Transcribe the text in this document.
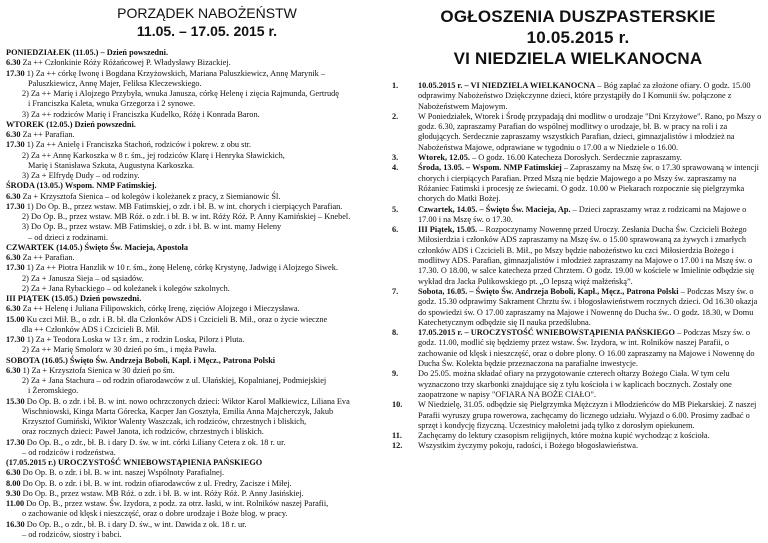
PORZĄDEK NABOŻEŃSTW
11.05. – 17.05. 2015 r.
PONIEDZIAŁEK (11.05.) – Dzień powszedni.
6.30 Za ++ Członkinie Róży Różańcowej P. Władysławy Bizackiej.
17.30 1) Za ++ córkę Iwonę i Bogdana Krzyżowskich, Mariana Paluszkiewicz, Annę Marynik –
Paluszkiewicz, Annę Majer, Feliksa Kleczewskiego.
2) Za ++ Marię i Alojzego Przybyła, wnuka Janusza, córkę Helenę i zięcia Rajmunda, Gertrudę
i Franciszka Kaleta, wnuka Grzegorza i 2 synowe.
3) Za ++ rodziców Marię i Franciszka Kudelko, Różę i Konrada Baron.
WTOREK (12.05.) Dzień powszedni.
6.30 Za ++ Parafian.
17.30 1) Za ++ Anielę i Franciszka Stachoń, rodziców i pokrew. z obu str.
2) Za ++ Annę Karkoszka w 8 r. śm., jej rodziców Klarę i Henryka Sławickich,
Marię i Stanisława Szkuta, Augustyna Karkoszka.
3) Za + Elfrydę Dudy – od rodziny.
ŚRODA (13.05.) Wspom. NMP Fatimskiej.
6.30 Za + Krzysztofa Sienica – od kolegów i koleżanek z pracy, z Siemianowic Śl.
17.30 1) Do Op. B., przez wstaw. MB Fatimskiej, o zdr. i bł. B. w int. chorych i cierpiących Parafian.
2) Do Op. B., przez wstaw. MB Róż. o zdr. i bł. B. w int. Róży Róż. P. Anny Kamińskiej – Knebel.
3) Do Op. B., przez wstaw. MB Fatimskiej, o zdr. i bł. B. w int. mamy Heleny
– od dzieci z rodzinami.
CZWARTEK (14.05.) Święto Św. Macieja, Apostoła
6.30 Za ++ Parafian.
17.30 1) Za ++ Piotra Hanzlik w 10 r. śm., żonę Helenę, córkę Krystynę, Jadwigę i Alojzego Siwek.
2) Za + Janusza Sieja – od sąsiadów.
2) Za + Jana Rybackiego – od koleżanek i kolegów szkolnych.
III PIĄTEK (15.05.) Dzień powszedni.
6.30 Za ++ Helenę i Juliana Filipowskich, córkę Irenę, zięciów Alojzego i Mieczysława.
15.00 Ku czci Mił. B., o zdr. i B. bł. dla Członków ADS i Czcicieli B. Mił., oraz o życie wieczne
dla ++ Członków ADS i Czcicieli B. Mił.
17.30 1) Za + Teodora Loska w 13 r. śm., z rodzin Loska, Pilorz i Pluta.
2) Za ++ Marię Smolorz w 30 dzień po śm., i męża Pawła.
SOBOTA (16.05.) Święto Św. Andrzeja Boboli, Kapł. i Męcz., Patrona Polski
6.30 1) Za + Krzysztofa Sienica w 30 dzień po śm.
2) Za + Jana Stachura – od rodzin ofiarodawców z ul. Ułańskiej, Kopalnianej, Podmiejskiej
i Żeromskiego.
15.30 Do Op. B. o zdr. i bł. B. w int. nowo ochrzczonych dzieci: Wiktor Karol Małkiewicz, Liliana Eva
Wischniowski, Kinga Marta Górecka, Kacper Jan Gosztyła, Emilia Anna Majcherczyk, Jakub
Krzysztof Gumiński, Wiktor Walenty Waszczak, ich rodziców, chrzestnych i bliskich,
oraz rocznych dzieci: Paweł Janota, ich rodziców, chrzestnych i bliskich.
17.30 Do Op. B., o zdr., bł. B. i dary D. św. w int. córki Liliany Cetera z ok. 18 r. ur.
– od rodziców i rodzeństwa.
(17.05.2015 r.) UROCZYSTOŚĆ WNIEBOWSTĄPIENIA PAŃSKIEGO
6.30 Do Op. B. o zdr. i bł. B. w int. naszej Wspólnoty Parafialnej.
8.00 Do Op. B. o zdr. i bł. B. w int. rodzin ofiarodawców z ul. Fredry, Zacisze i Miłej.
9.30 Do Op. B., przez wstaw. MB Róż. o zdr. i bł. B. w int. Róży Róż. P. Anny Jasińskiej.
11.00 Do Op. B., przez wstaw. Św. Izydora, z podz. za otrz. łaski, w int. Rolników naszej Parafii,
o zachowanie od klęsk i nieszczęść, oraz o dobre urodzaje i Boże blog. w pracy.
16.30 Do Op. B., o zdr., bł. B. i dary D. św., w int. Dawida z ok. 18 r. ur.
– od rodziców, siostry i babci.
OGŁOSZENIA DUSZPASTERSKIE
10.05.2015 r.
VI NIEDZIELA WIELKANOCNA
1.	10.05.2015 r. – VI NIEDZIELA WIELKANOCNA – Bóg zapłać za złożone ofiary. O godz. 15.00 odprawimy Nabożeństwo Dziękczynne dzieci, które przystąpiły do I Komunii św. połączone z Nabożeństwem Majowym.
2.	W Poniedziałek, Wtorek i Środę przypadają dni modlitw o urodzaje "Dni Krzyżowe". Rano, po Mszy o godz. 6.30, zapraszamy Parafian do wspólnej modlitwy o urodzaje, bł. B. w pracy na roli i za głodujących. Serdecznie zapraszamy wszystkich Parafian, dzieci, gimnazjalistów i młodzież na Nabożeństwa Majowe, odprawiane w tygodniu o 17.00 a w Niedziele o 16.00.
3.	Wtorek, 12.05. – O godz. 16.00 Katecheza Dorosłych. Serdecznie zapraszamy.
4.	Środa, 13.05. – Wspom. NMP Fatimskiej – Zapraszamy na Mszę św. o 17.30 sprawowaną w intencji chorych i cierpiących Parafian. Przed Mszą nie będzie Majowego a po Mszy św. zapraszamy na Różaniec Fatimski i procesję ze świecami. O godz. 10.00 w Piekarach rozpocznie się pielgrzymka chorych do Matki Bożej.
5.	Czwartek, 14.05. – Święto Św. Macieja, Ap. – Dzieci zapraszamy wraz z rodzicami na Majowe o 17.00 i na Mszę św. o 17.30.
6.	III Piątek, 15.05. – Rozpoczynamy Nowennę przed Uroczy. Zesłania Ducha Św. Czcicieli Bożego Miłosierdzia i członków ADS zapraszamy na Mszę św. o 15.00 sprawowaną za żywych i zmarłych członków ADS i Czcicieli B. Mił., po Mszy będzie nabożeństwo ku czci Miłosierdzia Bożego i modlitwy ADS. Parafian, gimnazjalistów i młodzież zapraszamy na Majowe o 17.00 i na Mszę św. o 17.30. O 18.00, w salce katecheza przed Chrztem. O godz. 19.00 w kościele w Imielinie odbędzie się wykład dra Jacka Pulikowskiego pt. „O lepszą więź małżeńską”.
7.	Sobota, 16.05. – Święto Św. Andrzeja Boboli, Kapł., Męcz., Patrona Polski – Podczas Mszy św. o godz. 15.30 odprawimy Sakrament Chrztu św. i błogosławieństwem rocznych dzieci. Od 16.30 okazja do spowiedzi św. O 17.00 zapraszamy na Majowe i Nowennę do Ducha św.. O godz. 18.30, w Domu Katechetycznym odbędzie się II nauka przedślubna.
8.	17.05.2015 r. – UROCZYSTOŚĆ WNIEBOWSTĄPIENIA PAŃSKIEGO – Podczas Mszy św. o godz. 11.00, modlić się będziemy przez wstaw. Św. Izydora, w int. Rolników naszej Parafii, o zachowanie od klęsk i nieszczęść, oraz o dobre plony. O 16.00 zapraszamy na Majowe i Nowennę do Ducha Św. Kolekta będzie przeznaczona na parafialne inwestycje.
9.	Do 25.05. można składać ofiary na przygotowanie czterech ołtarzy Bożego Ciała. W tym celu wyznaczono trzy skarbonki znajdujące się z tyłu kościoła i w kaplicach bocznych. Zostały one zaopatrzone w napisy "OFIARA NA BOŻE CIAŁO".
10.	W Niedzielę, 31.05. odbędzie się Pielgrzymka Mężczyzn i Młodzieńców do MB Piekarskiej. Z naszej Parafii wyruszy grupa rowerowa, zachęcamy do licznego udziału. Wyjazd o 6.00. Prosimy zadbać o sprzęt i kondycję fizyczną. Uczestnicy małoletni jadą tylko z dorosłym opiekunem.
11.	Zachęcamy do lektury czasopism religijnych, które można kupić wychodząc z kościoła.
12.	Wszystkim życzymy pokoju, radości, i Bożego błogosławieństwa.
